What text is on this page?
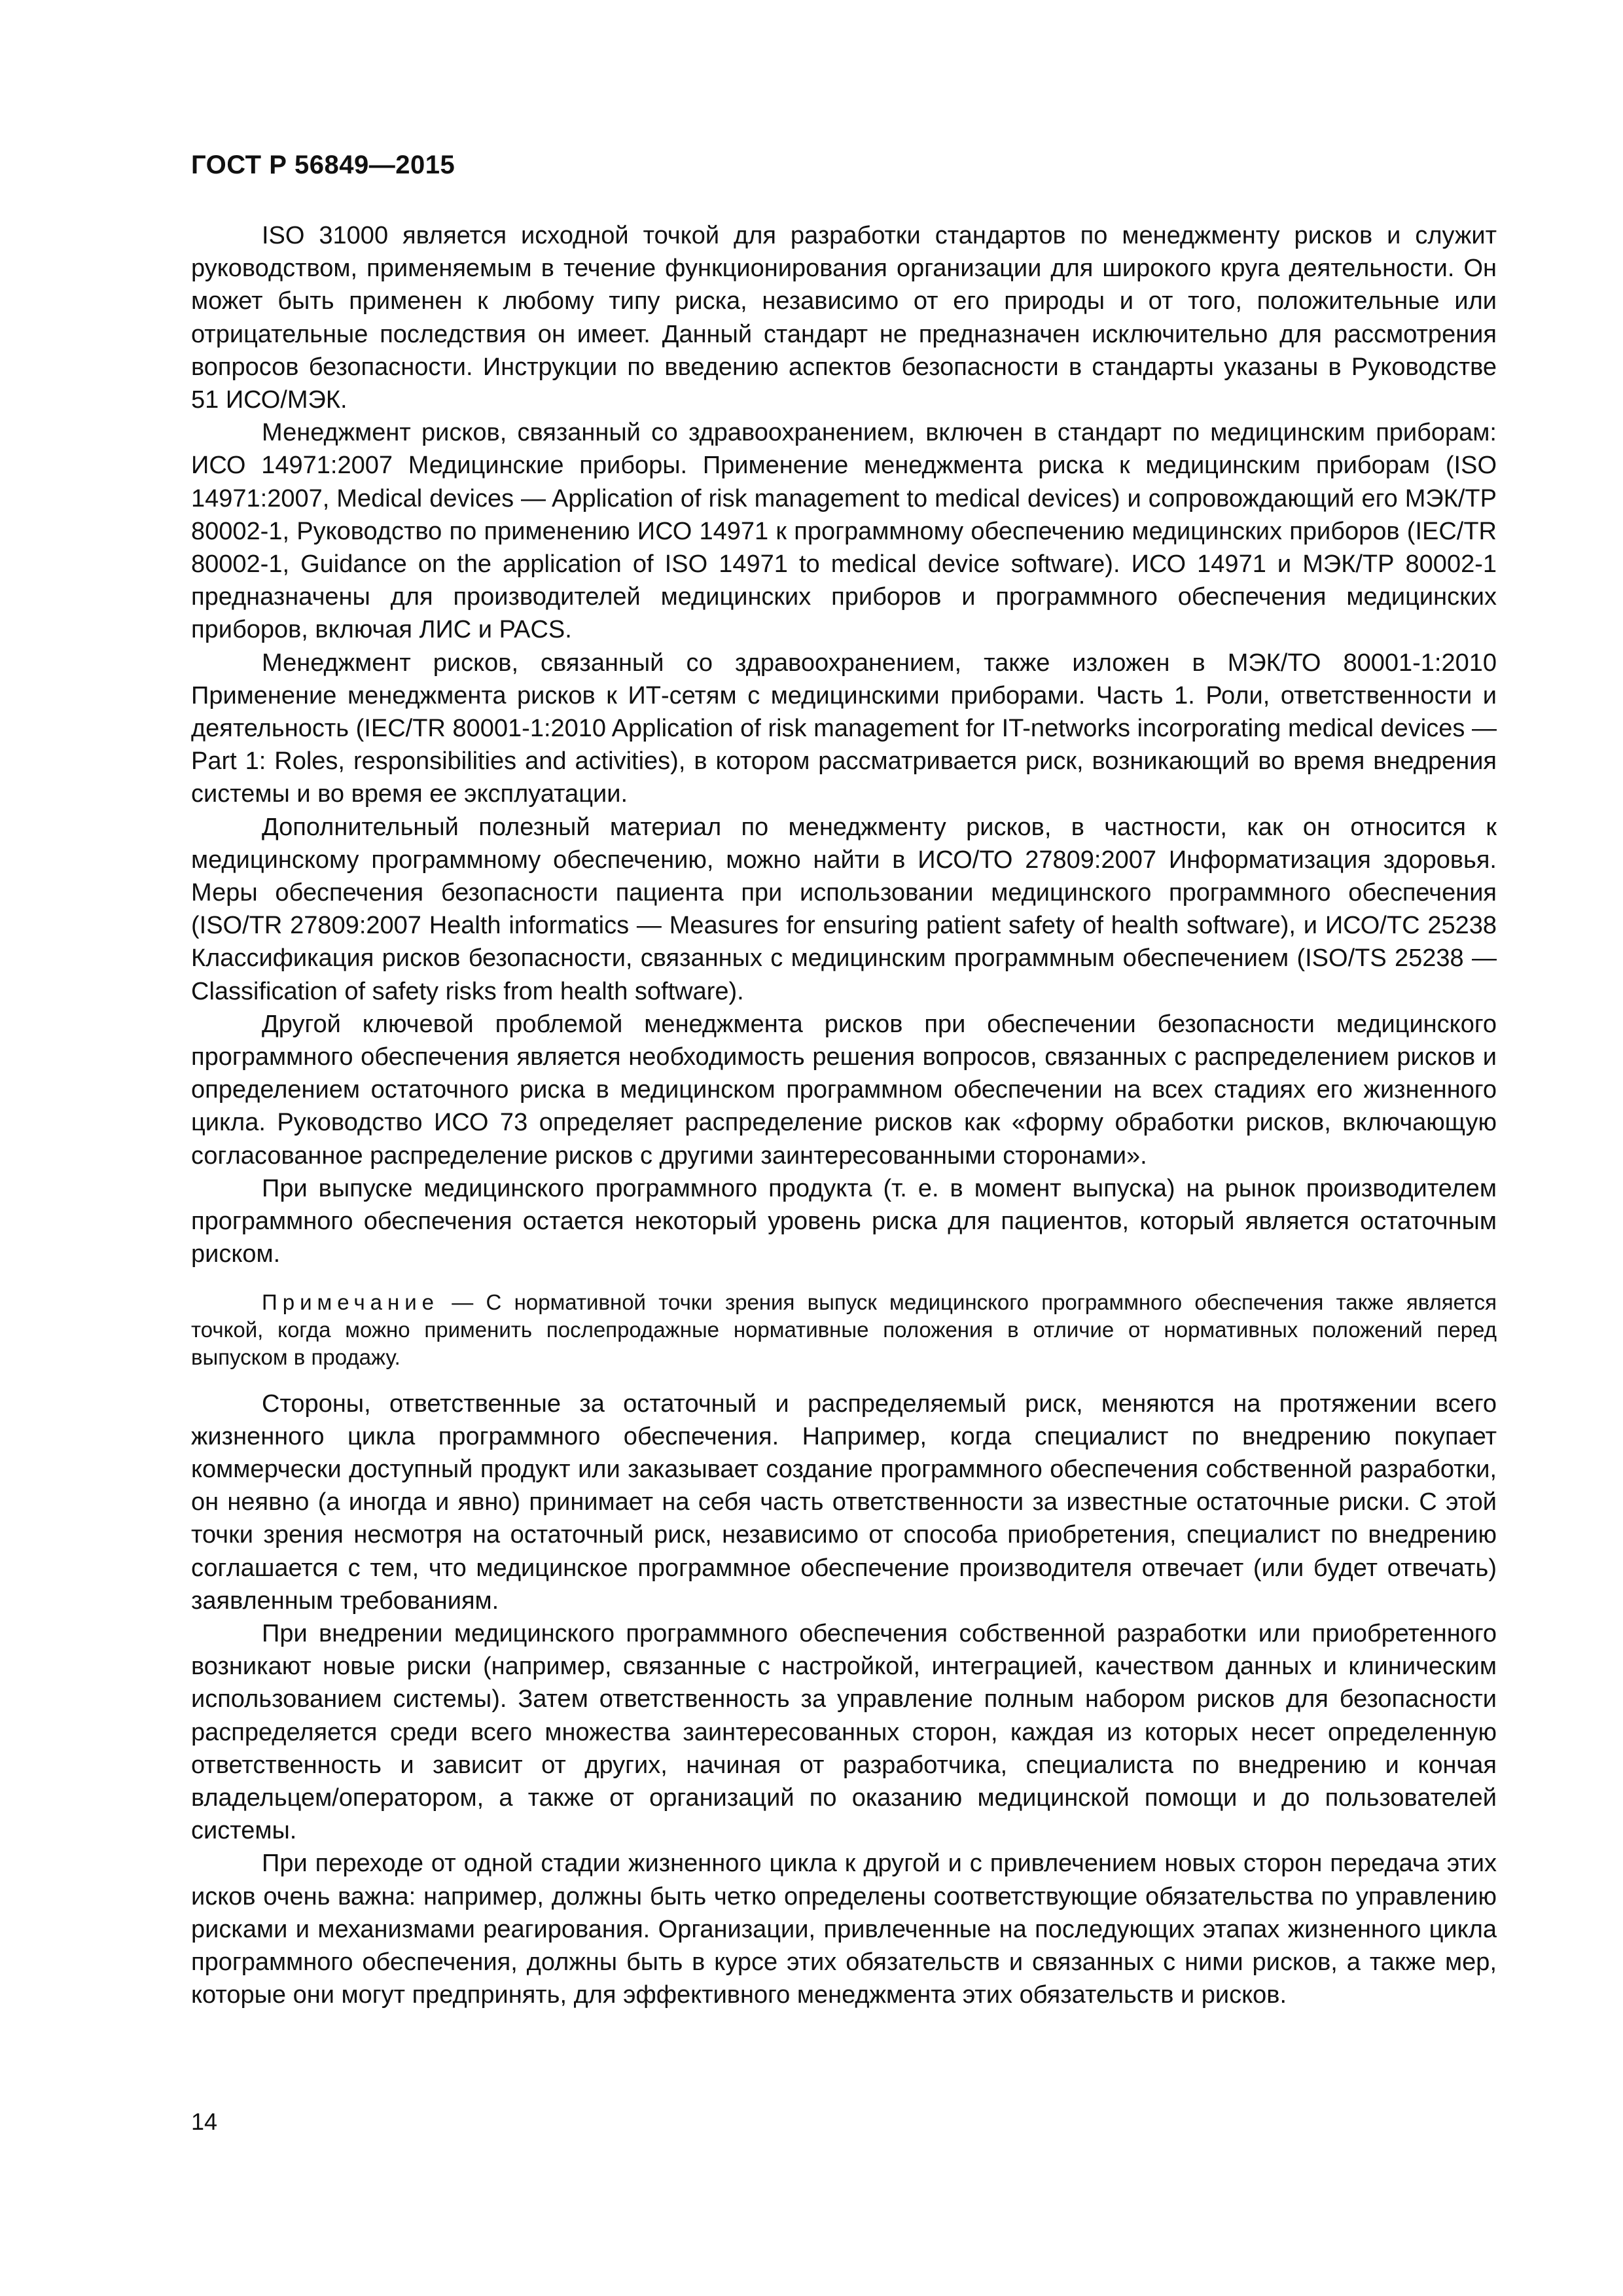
ГОСТ Р 56849—2015

ISO 31000 является исходной точкой для разработки стандартов по менеджменту рисков и служит руководством, применяемым в течение функционирования организации для широкого круга деятельности. Он может быть применен к любому типу риска, независимо от его природы и от того, положительные или отрицательные последствия он имеет. Данный стандарт не предназначен исключительно для рассмотрения вопросов безопасности. Инструкции по введению аспектов безопасности в стандарты указаны в Руководстве 51 ИСО/МЭК.

Менеджмент рисков, связанный со здравоохранением, включен в стандарт по медицинским приборам: ИСО 14971:2007 Медицинские приборы. Применение менеджмента риска к медицинским приборам (ISO 14971:2007, Medical devices — Application of risk management to medical devices) и сопровождающий его МЭК/ТР 80002-1, Руководство по применению ИСО 14971 к программному обеспечению медицинских приборов (IEC/TR 80002-1, Guidance on the application of ISO 14971 to medical device software). ИСО 14971 и МЭК/ТР 80002-1 предназначены для производителей медицинских приборов и программного обеспечения медицинских приборов, включая ЛИС и PACS.

Менеджмент рисков, связанный со здравоохранением, также изложен в МЭК/ТО 80001-1:2010 Применение менеджмента рисков к ИТ-сетям с медицинскими приборами. Часть 1. Роли, ответственности и деятельность (IEC/TR 80001-1:2010 Application of risk management for IT-networks incorporating medical devices — Part 1: Roles, responsibilities and activities), в котором рассматривается риск, возникающий во время внедрения системы и во время ее эксплуатации.

Дополнительный полезный материал по менеджменту рисков, в частности, как он относится к медицинскому программному обеспечению, можно найти в ИСО/ТО 27809:2007 Информатизация здоровья. Меры обеспечения безопасности пациента при использовании медицинского программного обеспечения (ISO/TR 27809:2007 Health informatics — Measures for ensuring patient safety of health software), и ИСО/ТС 25238 Классификация рисков безопасности, связанных с медицинским программным обеспечением (ISO/TS 25238 — Classification of safety risks from health software).

Другой ключевой проблемой менеджмента рисков при обеспечении безопасности медицинского программного обеспечения является необходимость решения вопросов, связанных с распределением рисков и определением остаточного риска в медицинском программном обеспечении на всех стадиях его жизненного цикла. Руководство ИСО 73 определяет распределение рисков как «форму обработки рисков, включающую согласованное распределение рисков с другими заинтересованными сторонами».

При выпуске медицинского программного продукта (т. е. в момент выпуска) на рынок производителем программного обеспечения остается некоторый уровень риска для пациентов, который является остаточным риском.

Примечание — С нормативной точки зрения выпуск медицинского программного обеспечения также является точкой, когда можно применить послепродажные нормативные положения в отличие от нормативных положений перед выпуском в продажу.

Стороны, ответственные за остаточный и распределяемый риск, меняются на протяжении всего жизненного цикла программного обеспечения. Например, когда специалист по внедрению покупает коммерчески доступный продукт или заказывает создание программного обеспечения собственной разработки, он неявно (а иногда и явно) принимает на себя часть ответственности за известные остаточные риски. С этой точки зрения несмотря на остаточный риск, независимо от способа приобретения, специалист по внедрению соглашается с тем, что медицинское программное обеспечение производителя отвечает (или будет отвечать) заявленным требованиям.

При внедрении медицинского программного обеспечения собственной разработки или приобретенного возникают новые риски (например, связанные с настройкой, интеграцией, качеством данных и клиническим использованием системы). Затем ответственность за управление полным набором рисков для безопасности распределяется среди всего множества заинтересованных сторон, каждая из которых несет определенную ответственность и зависит от других, начиная от разработчика, специалиста по внедрению и кончая владельцем/оператором, а также от организаций по оказанию медицинской помощи и до пользователей системы.

При переходе от одной стадии жизненного цикла к другой и с привлечением новых сторон передача этих исков очень важна: например, должны быть четко определены соответствующие обязательства по управлению рисками и механизмами реагирования. Организации, привлеченные на последующих этапах жизненного цикла программного обеспечения, должны быть в курсе этих обязательств и связанных с ними рисков, а также мер, которые они могут предпринять, для эффективного менеджмента этих обязательств и рисков.

14
